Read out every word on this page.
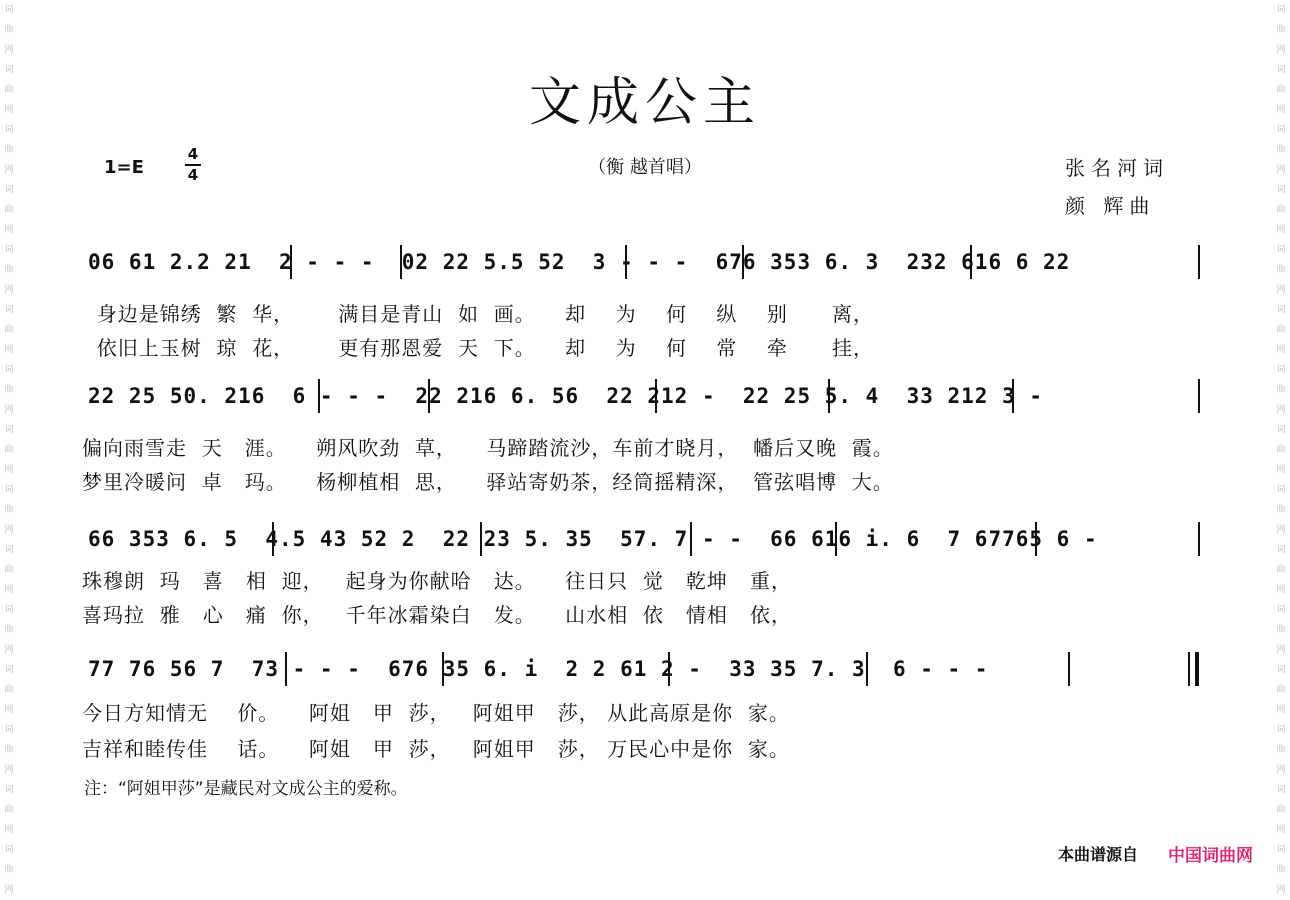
词 曲 网 词 曲 网 词 曲 网 词 曲 网 词 曲 网 词 曲 网 词 曲 网 词 曲 网 词 曲 网 词 曲 网 词 曲 网 词 曲 网 词 曲 网 词 曲 网 词 曲 网
词 曲 网 词 曲 网 词 曲 网 词 曲 网 词 曲 网 词 曲 网 词 曲 网 词 曲 网 词 曲 网 词 曲 网 词 曲 网 词 曲 网 词 曲 网 词 曲 网 词 曲 网
文成公主
1=E
4
4	（衡 越首唱）	张名河词
颜 辉曲
06 61 2.2 21  2 - - -  02 22 5.5 52  3 - - -  676 353 6. 3  232 616 6 22
身边是锦绣  繁  华，      满目是青山  如  画。    却    为    何    纵    别      离，
依旧上玉树  琼  花，      更有那恩爱  天  下。    却    为    何    常    牵      挂，
22 25 50. 216  6 - - -  22 216 6. 56  22 212 -  22 25 5. 4  33 212 3 -
偏向雨雪走  天   涯。    朔风吹劲  草，    马蹄踏流沙，车前才晓月，  幡后又晚  霞。
梦里冷暖问  卓   玛。    杨柳植相  思，    驿站寄奶茶，经筒摇精深，  管弦唱博  大。
66 353 6. 5  4.5 43 52 2  22 23 5. 35  57. 7 - -  66 616 i. 6  7 67765 6 -
珠穆朗  玛   喜   相  迎，   起身为你献哈   达。    往日只  觉   乾坤   重，
喜玛拉  雅   心   痛  你，   千年冰霜染白   发。    山水相  依   情相   依，
77 76 56 7  73 - - -  676 35 6. i  2 2 61 2 -  33 35 7. 3  6 - - -
今日方知情无    价。    阿姐   甲  莎，   阿姐甲   莎， 从此高原是你  家。
吉祥和睦传佳    话。    阿姐   甲  莎，   阿姐甲   莎， 万民心中是你  家。
注：“阿姐甲莎”是藏民对文成公主的爱称。
本曲谱源自 中国词曲网
